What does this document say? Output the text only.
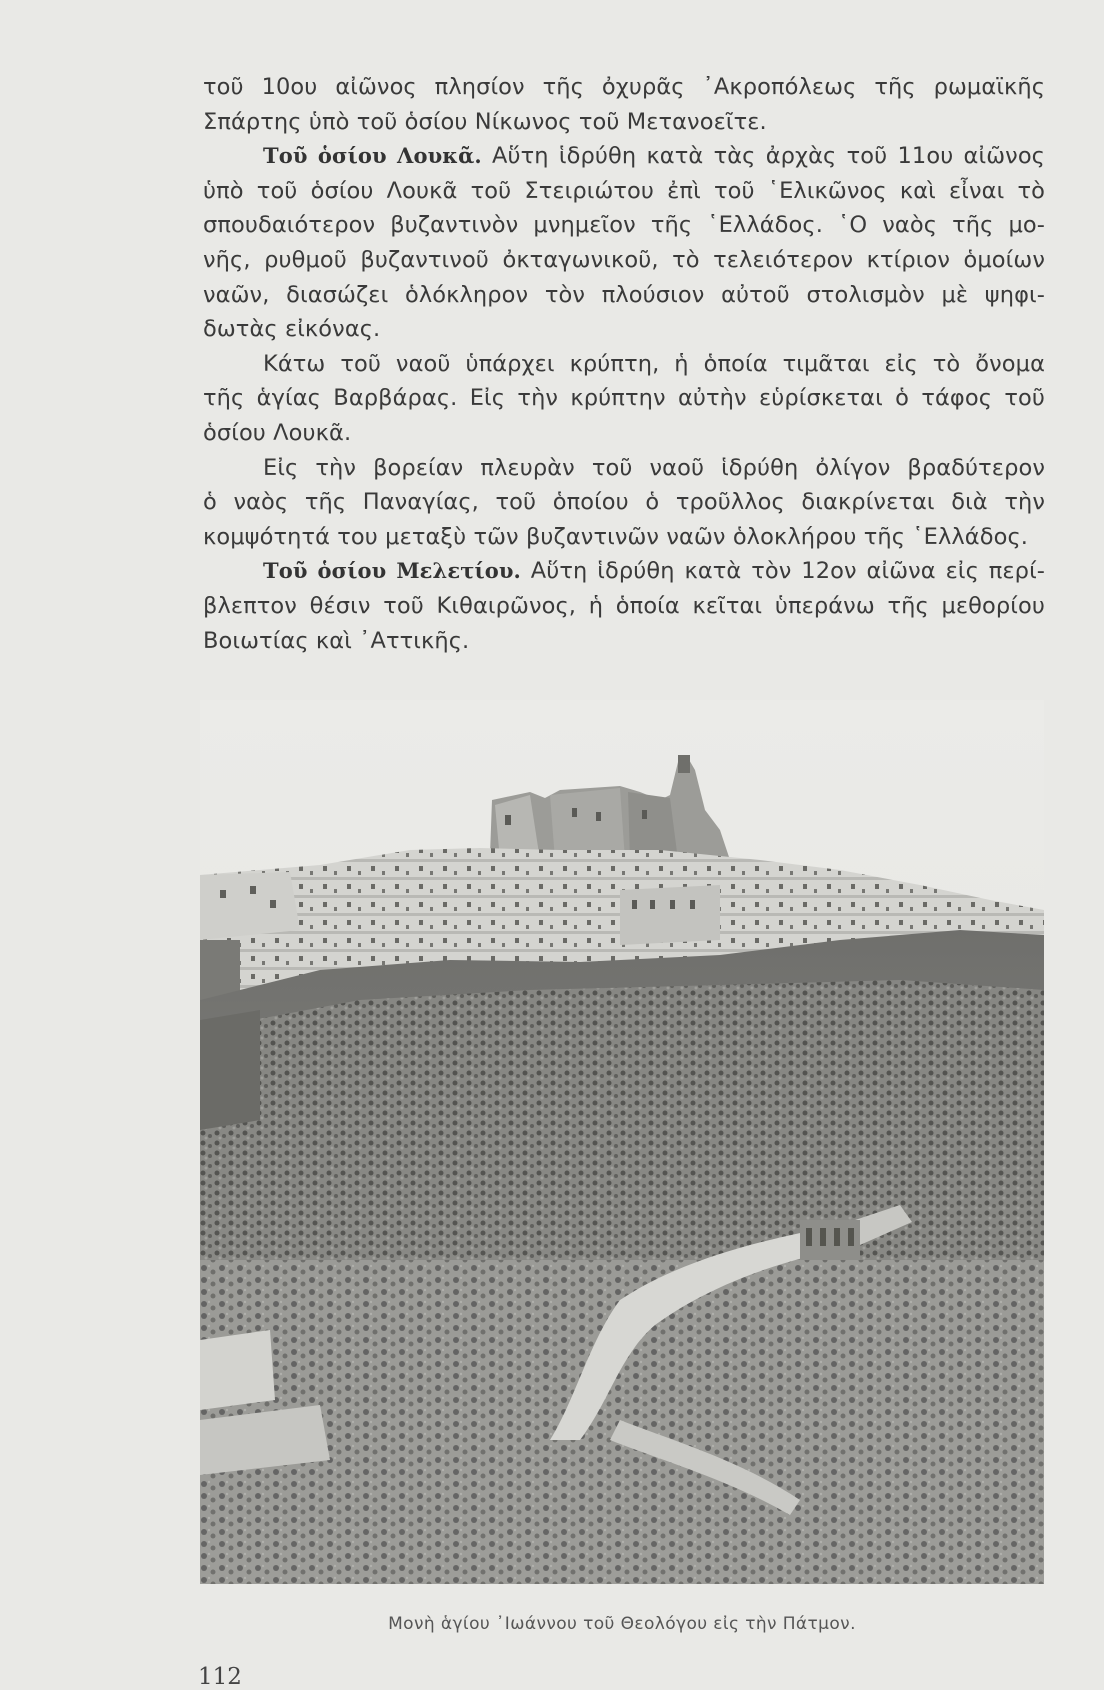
τοῦ 10ου αἰῶνος πλησίον τῆς ὀχυρᾶς ᾿Ακροπόλεως τῆς ρωμαϊκῆς
Σπάρτης ὑπὸ τοῦ ὁσίου Νίκωνος τοῦ Μετανοεῖτε.
Τοῦ ὁσίου Λουκᾶ. Αὕτη ἱδρύθη κατὰ τὰς ἀρχὰς τοῦ 11ου αἰῶνος
ὑπὸ τοῦ ὁσίου Λουκᾶ τοῦ Στειριώτου ἐπὶ τοῦ ῾Ελικῶνος καὶ εἶναι τὸ
σπουδαιότερον βυζαντινὸν μνημεῖον τῆς ῾Ελλάδος. ῾Ο ναὸς τῆς μο-
νῆς, ρυθμοῦ βυζαντινοῦ ὀκταγωνικοῦ, τὸ τελειότερον κτίριον ὁμοίων
ναῶν, διασώζει ὁλόκληρον τὸν πλούσιον αὐτοῦ στολισμὸν μὲ ψηφι-
δωτὰς εἰκόνας.
Κάτω τοῦ ναοῦ ὑπάρχει κρύπτη, ἡ ὁποία τιμᾶται εἰς τὸ ὄνομα
τῆς ἁγίας Βαρβάρας. Εἰς τὴν κρύπτην αὐτὴν εὑρίσκεται ὁ τάφος τοῦ
ὁσίου Λουκᾶ.
Εἰς τὴν βορείαν πλευρὰν τοῦ ναοῦ ἱδρύθη ὀλίγον βραδύτερον
ὁ ναὸς τῆς Παναγίας, τοῦ ὁποίου ὁ τροῦλλος διακρίνεται διὰ τὴν
κομψότητά του μεταξὺ τῶν βυζαντινῶν ναῶν ὁλοκλήρου τῆς ῾Ελλάδος.
Τοῦ ὁσίου Μελετίου. Αὕτη ἱδρύθη κατὰ τὸν 12ον αἰῶνα εἰς περί-
βλεπτον θέσιν τοῦ Κιθαιρῶνος, ἡ ὁποία κεῖται ὑπεράνω τῆς μεθορίου
Βοιωτίας καὶ ᾿Αττικῆς.
Μονὴ ἁγίου ᾿Ιωάννου τοῦ Θεολόγου εἰς τὴν Πάτμον.
112
